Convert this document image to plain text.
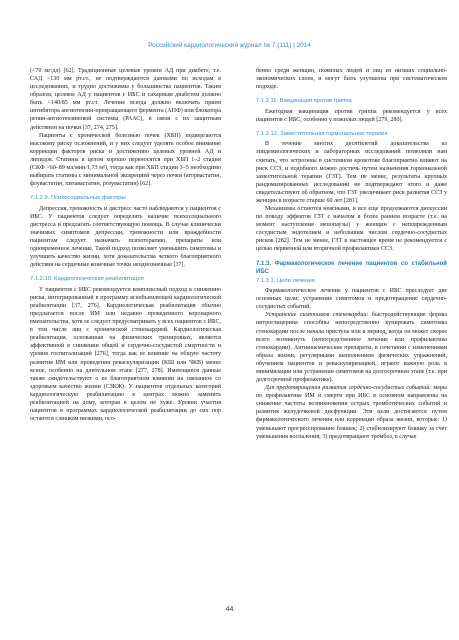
Российский кардиологический журнал № 7 (111) | 2014

(<70 мг/дл) [62]. Традиционные целевые уровни АД при диабете, т.е. САД <130 мм рт.ст., не подтверждаются данными по исходам в исследованиях, и трудно достижимы у большинства пациентов. Таким образом, целевое АД у пациентов с ИБС и сахарным диабетом должно быть <140/85 мм рт.ст. Лечение всегда должно включать прием ингибитора ангиотензин-превращающего фермента (АПФ) или блокатора ренин-ангиотензиновой системы (РААС), в связи с их защитным действием на почки [37, 274, 275].

Пациенты с хронической болезнью почек (ХБП) подвергаются высокому риску осложнений, и у них следует уделять особое внимание коррекции факторов риска и достижению целевых уровней АД и липидов. Статины в целом хорошо переносятся при ХБП 1–2 стадии (СКФ >60–89 мл/мин/1,73 м²), тогда как при ХБП стадии 3–5 необходимо выбирать статины с минимальной экскрецией через почки (аторвастатин, флувастатин, питавастатин, розувастатин) [62].

7.1.2.9. Психосоциальные факторы

Депрессия, тревожность и дистресс часто наблюдаются у пациентов с ИБС. У пациентов следует определять наличие психосоциального дистресса и предлагать соответствующую помощь. В случае клинически значимых симптомов депрессии, тревожности или враждебности пациентам следует назначать психотерапию, препараты или одновременное лечение. Такой подход позволяет уменьшить симптомы и улучшить качество жизни, хотя доказательства четкого благоприятного действия на сердечные конечные точки неоднозначные [37].

7.1.2.10. Кардиологическая реабилитация

У пациентов с ИБС рекомендуется комплексный подход к снижению риска, интегрированный в программу всеобъемлющей кардиологической реабилитации [37, 276]. Кардиологическая реабилитация обычно предлагается после ИМ или недавно проведенного коронарного вмешательства, хотя ее следует предусматривать у всех пациентов с ИБС, в том числе лиц с хронической стенокардией. Кардиологическая реабилитация, основанная на физических тренировках, является эффективной в снижении общей и сердечно-сосудистой смертности и уровня госпитализаций [276], тогда как ее влияние на общую частоту развития ИМ или проведения реваскуляризации (КШ или ЧКВ) менее ясное, особенно на длительном этапе [277, 278]. Имеющиеся данные также свидетельствуют о ее благоприятном влиянии на связанное со здоровьем качество жизни (СЗКЖ). У пациентов отдельных категорий кардиологическую реабилитацию в центрах можно заменить реабилитацией на дому, которая в целом не хуже. Уровни участия пациентов в программах кардиологической реабилитации до сих пор остаются слишком низкими, осо-

бенно среди женщин, пожилых людей и лиц из низших социально-экономических слоев, и могут быть улучшены при систематическом подходе.

7.1.2.11. Вакцинация против гриппа

Ежегодная вакцинация против гриппа рекомендуется у всех пациентов с ИБС, особенно у пожилых людей [279, 280].

7.1.2.12. Заместительная гормональная терапия

В течение многих десятилетий доказательства из эпидемиологических и лабораторных исследований позволяли нам считать, что эстрогены в системном кровотоке благоприятно влияют на риск ССЗ, и подобного можно достичь путем назначения гормональной заместительной терапии (ГЗТ). Тем не менее, результаты крупных рандомизированных исследований не подтверждают этого и даже свидетельствуют об обратном, что ГЗТ увеличивает риск развития ССЗ у женщин в возрасте старше 60 лет [281].

Механизмы остаются неясными, и все еще продолжаются дискуссии по поводу эффектов ГЗТ с началом в более раннем возрасте (т.е. на момент наступления менопаузы) у женщин с неповрежденным сосудистым эндотелием и небольшим числом сердечно-сосудистых рисков [282]. Тем не менее, ГЗТ в настоящее время не рекомендуется с целью первичной или вторичной профилактики ССЗ.

7.1.3. Фармакологическое лечение пациентов со стабильной ИБС
7.1.3.1. Цели лечения

Фармакологическое лечение у пациентов с ИБС преследует две основных цели: устранение симптомов и предотвращение сердечно-сосудистых событий.

Устранение симптомов стенокардии: быстродействующие формы нитроглицерина способны непосредственно купировать симптомы стенокардии после начала приступа или в период, когда он может скорее всего возникнуть (непосредственное лечение или профилактика стенокардии). Антиишемические препараты, в сочетании с изменениями образа жизни, регулярными выполнением физических упражнений, обучением пациентов и реваскуляризацией, играют важную роль в минимизации или устранении симптомов на долгосрочном этапе (т.е. при долгосрочной профилактике).

Для предотвращения развития сердечно-сосудистых событий: меры по профилактике ИМ и смерти при ИБС в основном направлены на снижение частоты возникновения острых тромботических событий и развития желудочковой дисфункции. Эти цели достигаются путем фармакологического лечения или коррекции образа жизни, которые: 1) уменьшают прогрессирование бляшек; 2) стабилизируют бляшку за счет уменьшения воспаления; 3) предотвращают тромбоз, в случае

44
